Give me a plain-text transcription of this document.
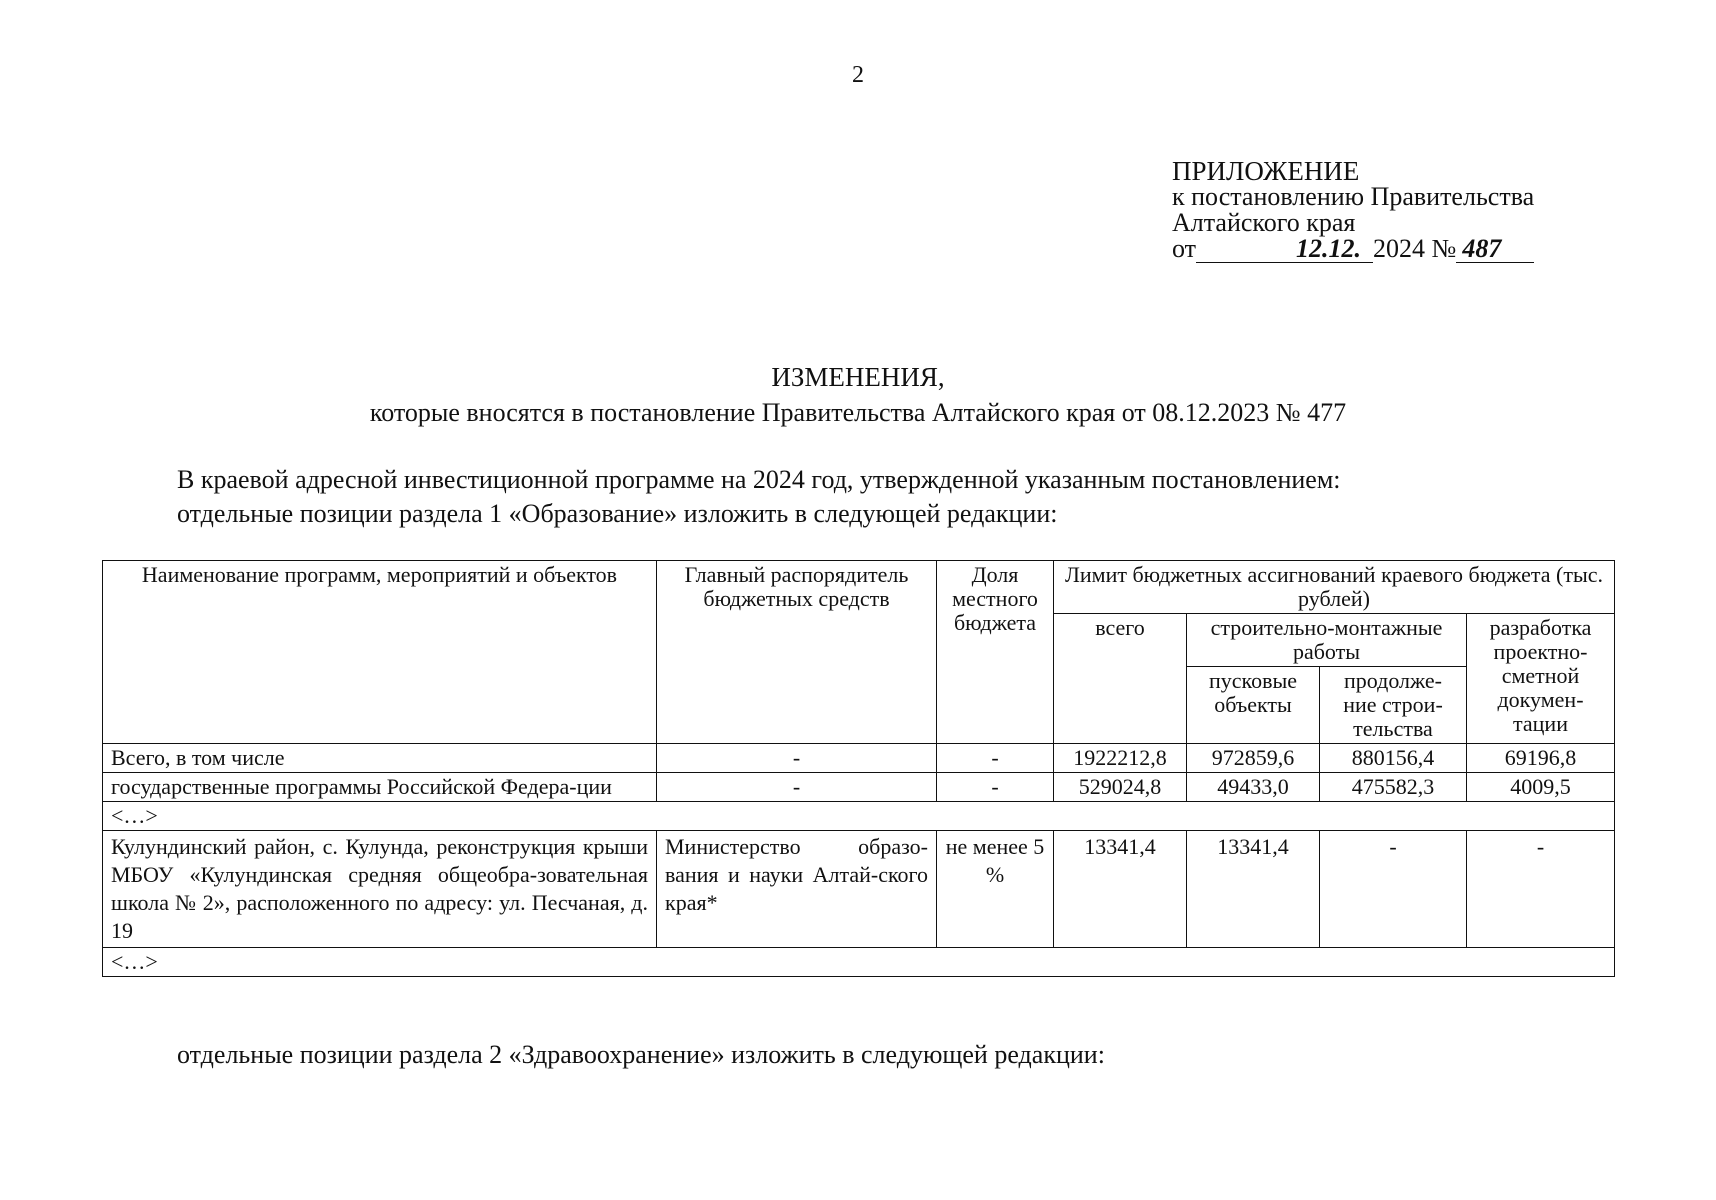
2
ПРИЛОЖЕНИЕ
к постановлению Правительства
Алтайского края
от	12.12. 2024 № 487
ИЗМЕНЕНИЯ,
которые вносятся в постановление Правительства Алтайского края от 08.12.2023 № 477
В краевой адресной инвестиционной программе на 2024 год, утвержденной указанным постановлением:
отдельные позиции раздела 1 «Образование» изложить в следующей редакции:
Наименование программ, мероприятий и объектов	Главный распорядитель бюджетных средств	Доля местного бюджета	Лимит бюджетных ассигнований краевого бюджета (тыс. рублей)			
			всего	строительно-монтажные работы		разработка проектно-сметной докумен-тации
				пусковые объекты	продолже-ние строи-тельства	
Всего, в том числе	-	-	1922212,8	972859,6	880156,4	69196,8
государственные программы Российской Федера-ции	-	-	529024,8	49433,0	475582,3	4009,5
<…>						
Кулундинский район, с. Кулунда, реконструкция крыши МБОУ «Кулундинская средняя общеобра-зовательная школа № 2», расположенного по адресу: ул. Песчаная, д. 19	Министерство образо-вания и науки Алтай-ского края*	не менее 5 %	13341,4	13341,4	-	-
<…>						
отдельные позиции раздела 2 «Здравоохранение» изложить в следующей редакции:
